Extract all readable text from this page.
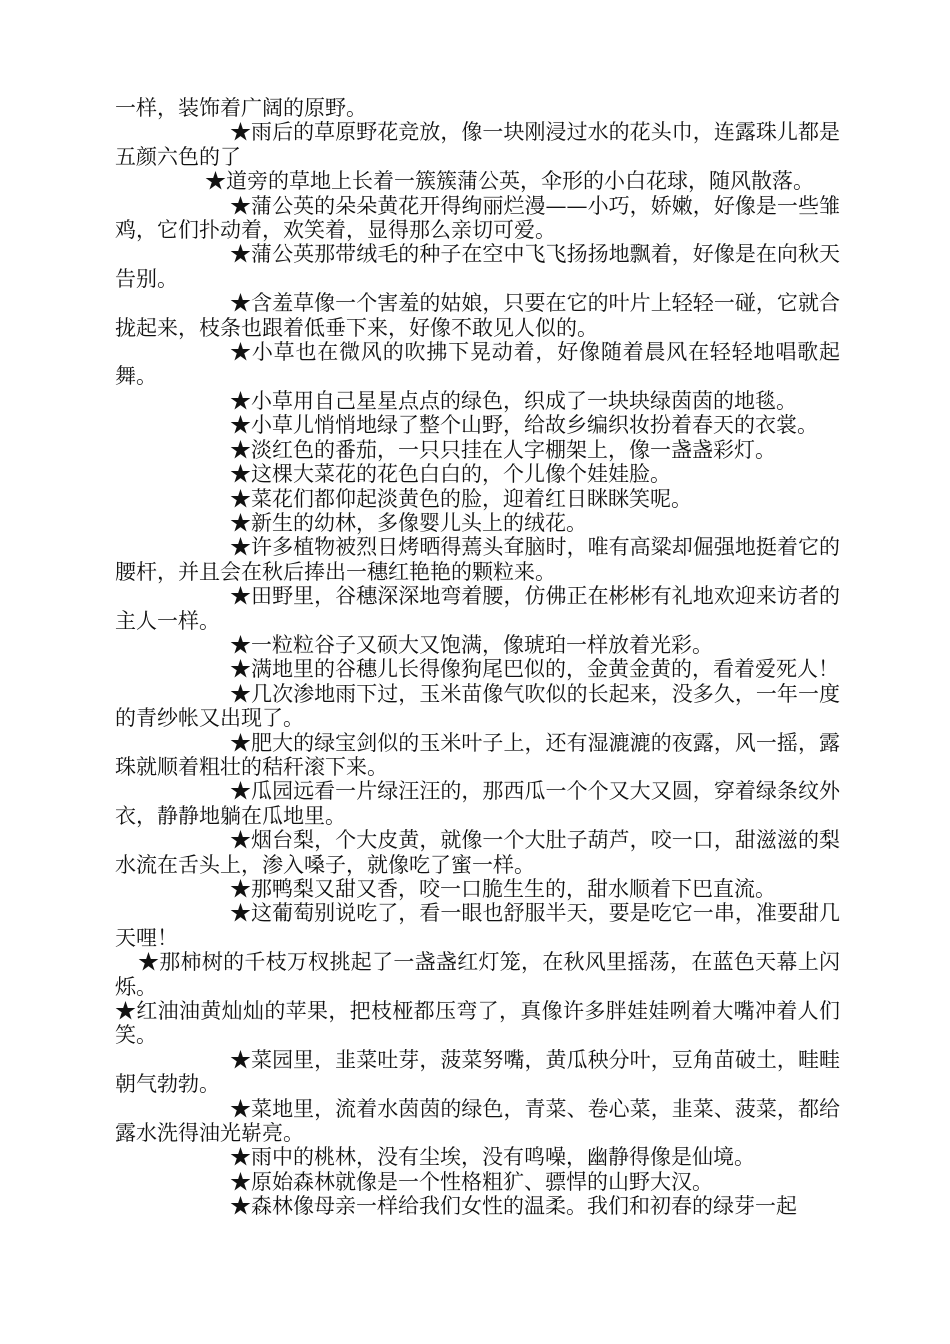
一样，装饰着广阔的原野。

★雨后的草原野花竞放，像一块刚浸过水的花头巾，连露珠儿都是五颜六色的了

★道旁的草地上长着一簇簇蒲公英，伞形的小白花球，随风散落。

★蒲公英的朵朵黄花开得绚丽烂漫——小巧，娇嫩，好像是一些雏鸡，它们扑动着，欢笑着，显得那么亲切可爱。

★蒲公英那带绒毛的种子在空中飞飞扬扬地飘着，好像是在向秋天告别。

★含羞草像一个害羞的姑娘，只要在它的叶片上轻轻一碰，它就合拢起来，枝条也跟着低垂下来，好像不敢见人似的。

★小草也在微风的吹拂下晃动着，好像随着晨风在轻轻地唱歌起舞。

★小草用自己星星点点的绿色，织成了一块块绿茵茵的地毯。

★小草儿悄悄地绿了整个山野，给故乡编织妆扮着春天的衣裳。

★淡红色的番茄，一只只挂在人字棚架上，像一盏盏彩灯。

★这棵大菜花的花色白白的，个儿像个娃娃脸。

★菜花们都仰起淡黄色的脸，迎着红日眯眯笑呢。

★新生的幼林，多像婴儿头上的绒花。

★许多植物被烈日烤晒得蔫头耷脑时，唯有高粱却倔强地挺着它的腰杆，并且会在秋后捧出一穗红艳艳的颗粒来。

★田野里，谷穗深深地弯着腰，仿佛正在彬彬有礼地欢迎来访者的主人一样。

★一粒粒谷子又硕大又饱满，像琥珀一样放着光彩。

★满地里的谷穗儿长得像狗尾巴似的，金黄金黄的，看着爱死人！

★几次渗地雨下过，玉米苗像气吹似的长起来，没多久，一年一度的青纱帐又出现了。

★肥大的绿宝剑似的玉米叶子上，还有湿漉漉的夜露，风一摇，露珠就顺着粗壮的秸秆滚下来。

★瓜园远看一片绿汪汪的，那西瓜一个个又大又圆，穿着绿条纹外衣，静静地躺在瓜地里。

★烟台梨，个大皮黄，就像一个大肚子葫芦，咬一口，甜滋滋的梨水流在舌头上，渗入嗓子，就像吃了蜜一样。

★那鸭梨又甜又香，咬一口脆生生的，甜水顺着下巴直流。

★这葡萄别说吃了，看一眼也舒服半天，要是吃它一串，准要甜几天哩！

★那柿树的千枝万杈挑起了一盏盏红灯笼，在秋风里摇荡，在蓝色天幕上闪烁。

★红油油黄灿灿的苹果，把枝桠都压弯了，真像许多胖娃娃咧着大嘴冲着人们笑。

★菜园里，韭菜吐芽，菠菜努嘴，黄瓜秧分叶，豆角苗破土，畦畦朝气勃勃。

★菜地里，流着水茵茵的绿色，青菜、卷心菜，韭菜、菠菜，都给露水洗得油光崭亮。

★雨中的桃林，没有尘埃，没有鸣噪，幽静得像是仙境。

★原始森林就像是一个性格粗犷、骠悍的山野大汉。

★森林像母亲一样给我们女性的温柔。我们和初春的绿芽一起
